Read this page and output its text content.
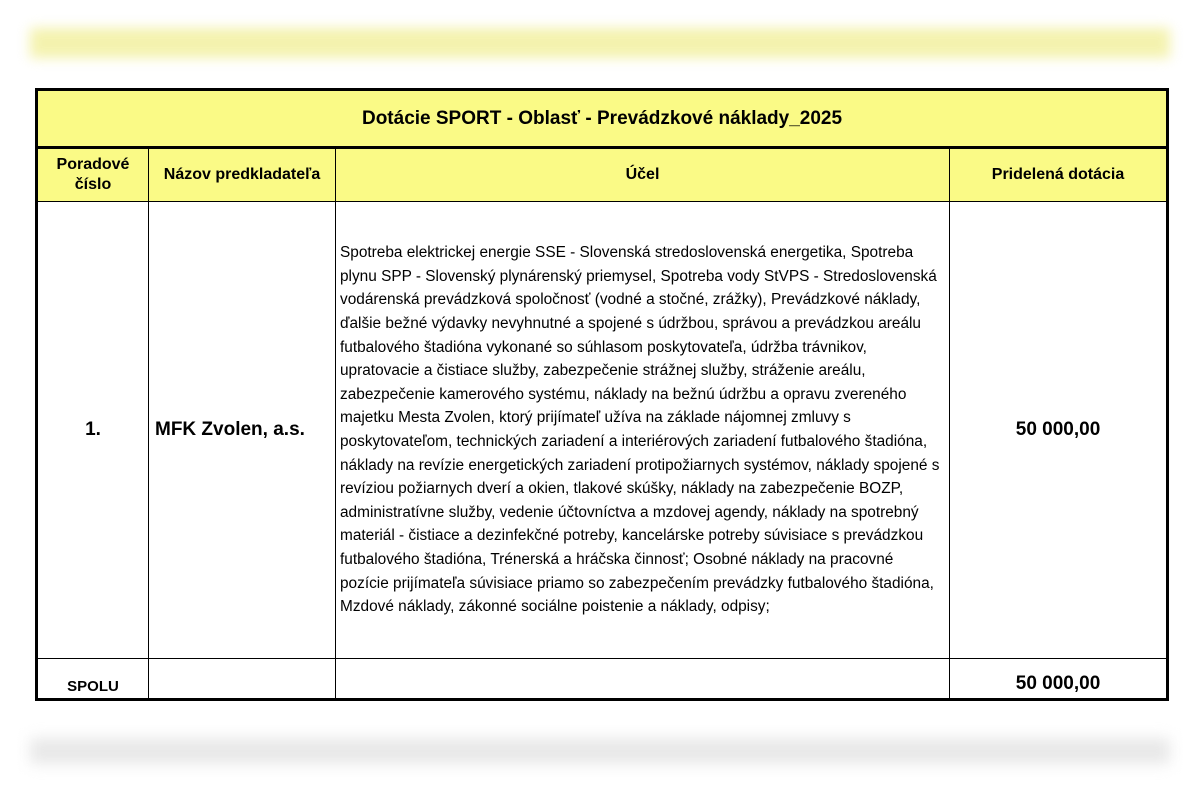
Dotácie SPORT - Oblasť - Prevádzkové náklady_2025			
Poradové číslo	Názov predkladateľa	Účel	Pridelená dotácia
1.	MFK Zvolen, a.s.	Spotreba elektrickej energie SSE - Slovenská stredoslovenská energetika, Spotreba plynu SPP - Slovenský plynárenský priemysel, Spotreba vody StVPS - Stredoslovenská vodárenská prevádzková spoločnosť (vodné a stočné, zrážky), Prevádzkové náklady, ďalšie bežné výdavky nevyhnutné a spojené s údržbou, správou a prevádzkou areálu futbalového štadióna vykonané so súhlasom poskytovateľa, údržba trávnikov, upratovacie a čistiace služby, zabezpečenie strážnej služby, stráženie areálu, zabezpečenie kamerového systému, náklady na bežnú údržbu a opravu zvereného majetku Mesta Zvolen, ktorý prijímateľ užíva na základe nájomnej zmluvy s poskytovateľom, technických zariadení a interiérových zariadení futbalového štadióna, náklady na revízie energetických zariadení protipožiarnych systémov, náklady spojené s revíziou požiarnych dverí a okien, tlakové skúšky, náklady na zabezpečenie BOZP, administratívne služby, vedenie účtovníctva a mzdovej agendy, náklady na spotrebný materiál - čistiace a dezinfekčné potreby, kancelárske potreby súvisiace s prevádzkou futbalového štadióna, Trénerská a hráčska činnosť; Osobné náklady na pracovné pozície prijímateľa súvisiace priamo so zabezpečením prevádzky futbalového štadióna, Mzdové náklady, zákonné sociálne poistenie a náklady, odpisy;	50 000,00
SPOLU			50 000,00
